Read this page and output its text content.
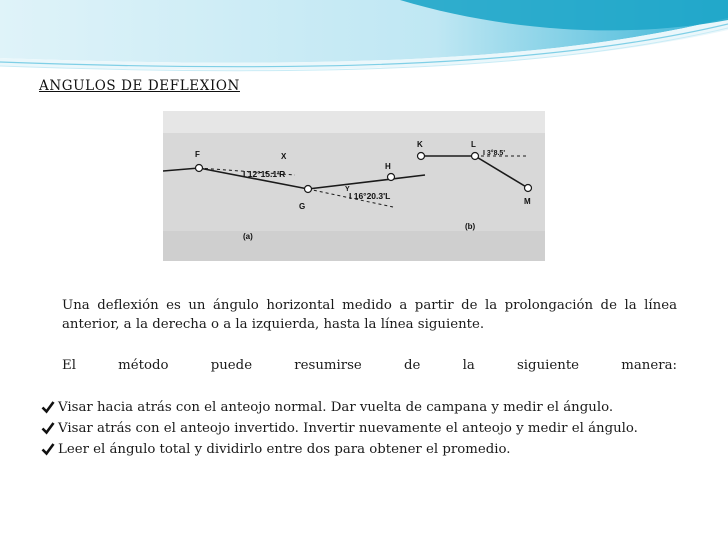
ANGULOS DE DEFLEXION
F	X
G
H
Y
K	L
M
I 12°15.1'R
I 16°20.3'L
I 3°8.5'
(a)
(b)
Una deflexión es un ángulo horizontal medido a partir de la prolongación de la línea anterior, a la derecha o a la izquierda, hasta la línea siguiente.
El	método	puede	resumirse	de	la	siguiente	manera:
Visar hacia atrás con el anteojo normal. Dar vuelta de campana y medir el ángulo.
Visar atrás con el anteojo invertido. Invertir nuevamente el anteojo y medir el ángulo.
Leer el ángulo total y dividirlo entre dos para obtener el promedio.
